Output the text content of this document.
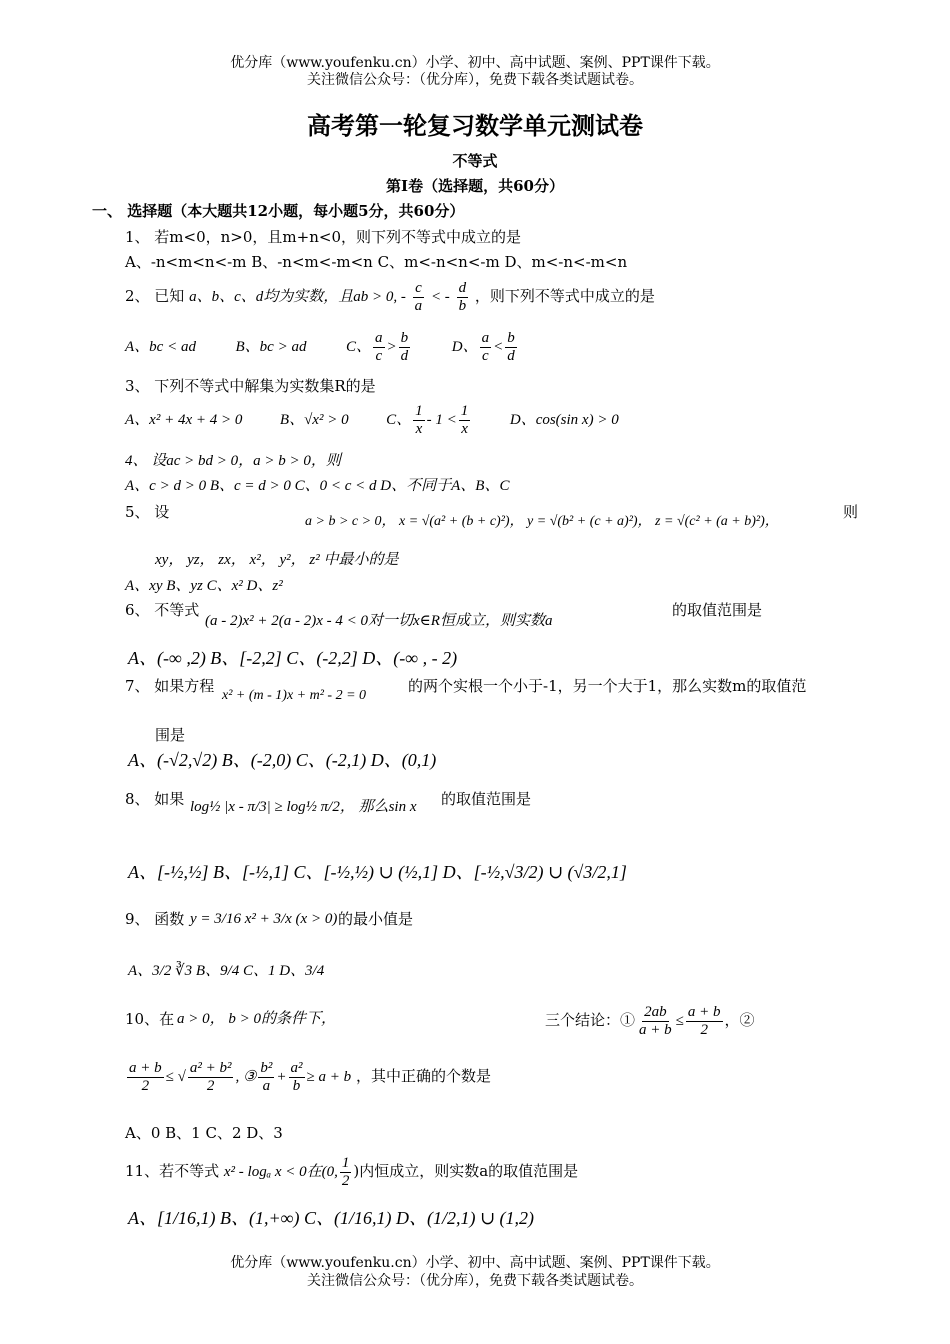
优分库（www.youfenku.cn）小学、初中、高中试题、案例、PPT课件下载。
关注微信公众号：（优分库），免费下载各类试题试卷。
高考第一轮复习数学单元测试卷
不等式
第Ⅰ卷（选择题，共60分）
一、 选择题（本大题共12小题，每小题5分，共60分）
1、 若m<0，n>0，且m+n<0，则下列不等式中成立的是
A、-n<m<n<-m B、-n<m<-m<n C、m<-n<n<-m D、m<-n<-m<n
2、 已知 a、b、c、d均为实数，且ab > 0, - $\frac{c}{a}$ < - $\frac{d}{b}$ ，则下列不等式中成立的是
A、bc < ad	B、bc > ad	C、 $\frac{a}{c} > \frac{b}{d}$	D、 $\frac{a}{c} < \frac{b}{d}$
3、 下列不等式中解集为实数集R的是
A、x² + 4x + 4 > 0	B、√x² > 0	C、 $\frac{1}{x} - 1 < \frac{1}{x}$	D、cos(sin x) > 0
4、 设ac > bd > 0，a > b > 0，则
A、c > d > 0 B、c = d > 0 C、0 < c < d D、不同于A、B、C
5、 设
a > b > c > 0， x = √(a² + (b + c)²)， y = √(b² + (c + a)²)， z = √(c² + (a + b)²)，
则
xy， yz， zx， x²， y²， z² 中最小的是
A、xy B、yz C、x² D、z²
6、 不等式
(a - 2)x² + 2(a - 2)x - 4 < 0对一切x∈R恒成立，则实数a
的取值范围是
A、(-∞ ,2) B、[-2,2] C、(-2,2] D、(-∞ , - 2)
7、 如果方程
x² + (m - 1)x + m² - 2 = 0
的两个实根一个小于-1，另一个大于1，那么实数m的取值范
围是
A、(-√2,√2) B、(-2,0) C、(-2,1) D、(0,1)
8、 如果 log½ |x - π/3| ≥ log½ π/2， 那么sin x 的取值范围是
A、[-½,½] B、[-½,1] C、[-½,½) ∪ (½,1] D、[-½,√3/2) ∪ (√3/2,1]
9、 函数 y = 3/16 x² + 3/x (x > 0) 的最小值是
A、3/2 ∛3 B、9/4 C、1 D、3/4
10、在 a > 0， b > 0的条件下，	三个结论：① $\frac{2ab}{a + b} \le \frac{a + b}{2}$ ，②
$\frac{a + b}{2}$ ≤ √ $\frac{\text{a² + b²}}{2}$ , ③ $\frac{\text{b²}}{a} + \frac{\text{a²}}{b} \ge a + b$ ，其中正确的个数是
A、0 B、1 C、2 D、3
11、若不等式 x² - logₐ x < 0在(0, $\frac{1}{2}$ )内恒成立，则实数a的取值范围是
A、[1/16,1) B、(1,+∞) C、(1/16,1) D、(1/2,1) ∪ (1,2)
优分库（www.youfenku.cn）小学、初中、高中试题、案例、PPT课件下载。
关注微信公众号：（优分库），免费下载各类试题试卷。
